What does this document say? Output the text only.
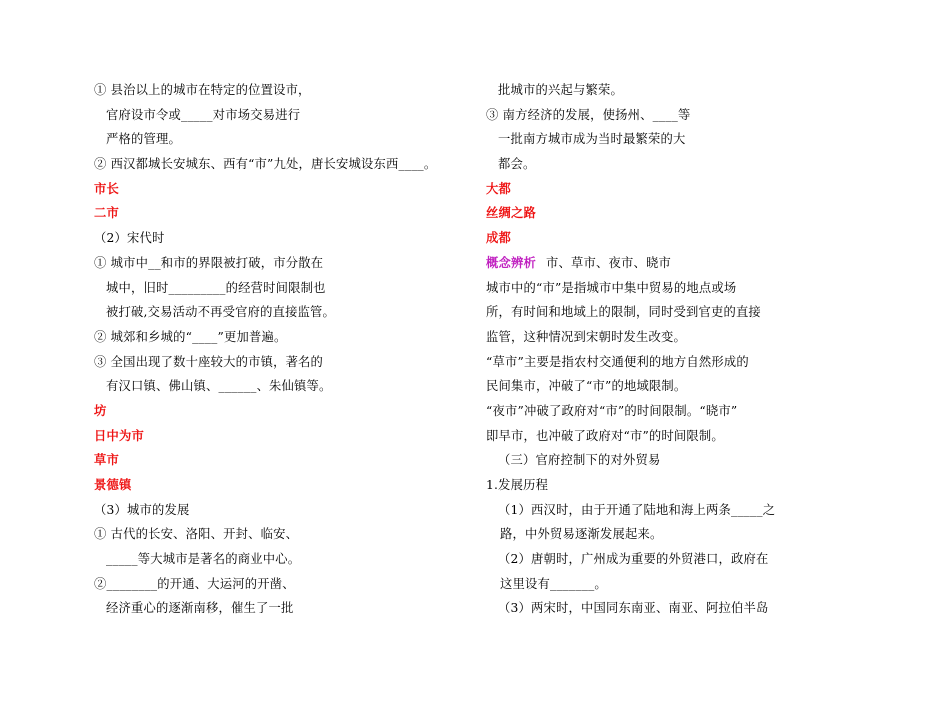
① 县治以上的城市在特定的位置设市，
官府设市令或_____对市场交易进行
严格的管理。
② 西汉都城长安城东、西有“市”九处，唐长安城设东西____。
市长
二市
（2）宋代时
① 城市中__和市的界限被打破，市分散在
城中，旧时_________的经营时间限制也
被打破,交易活动不再受官府的直接监管。
② 城郊和乡城的“____”更加普遍。
③ 全国出现了数十座较大的市镇，著名的
有汉口镇、佛山镇、______、朱仙镇等。
坊
日中为市
草市
景德镇
（3）城市的发展
① 古代的长安、洛阳、开封、临安、
_____等大城市是著名的商业中心。
②________的开通、大运河的开凿、
经济重心的逐渐南移，催生了一批
批城市的兴起与繁荣。
③ 南方经济的发展，使扬州、____等
一批南方城市成为当时最繁荣的大
都会。
大都
丝绸之路
成都
概念辨析 市、草市、夜市、晓市
城市中的“市”是指城市中集中贸易的地点或场
所，有时间和地域上的限制，同时受到官吏的直接
监管，这种情况到宋朝时发生改变。
“草市”主要是指农村交通便利的地方自然形成的
民间集市，冲破了“市”的地域限制。
“夜市”冲破了政府对“市”的时间限制。“晓市”
即早市，也冲破了政府对“市”的时间限制。
（三）官府控制下的对外贸易
1.发展历程
（1）西汉时，由于开通了陆地和海上两条_____之
路，中外贸易逐渐发展起来。
（2）唐朝时，广州成为重要的外贸港口，政府在
这里设有_______。
（3）两宋时，中国同东南亚、南亚、阿拉伯半岛
